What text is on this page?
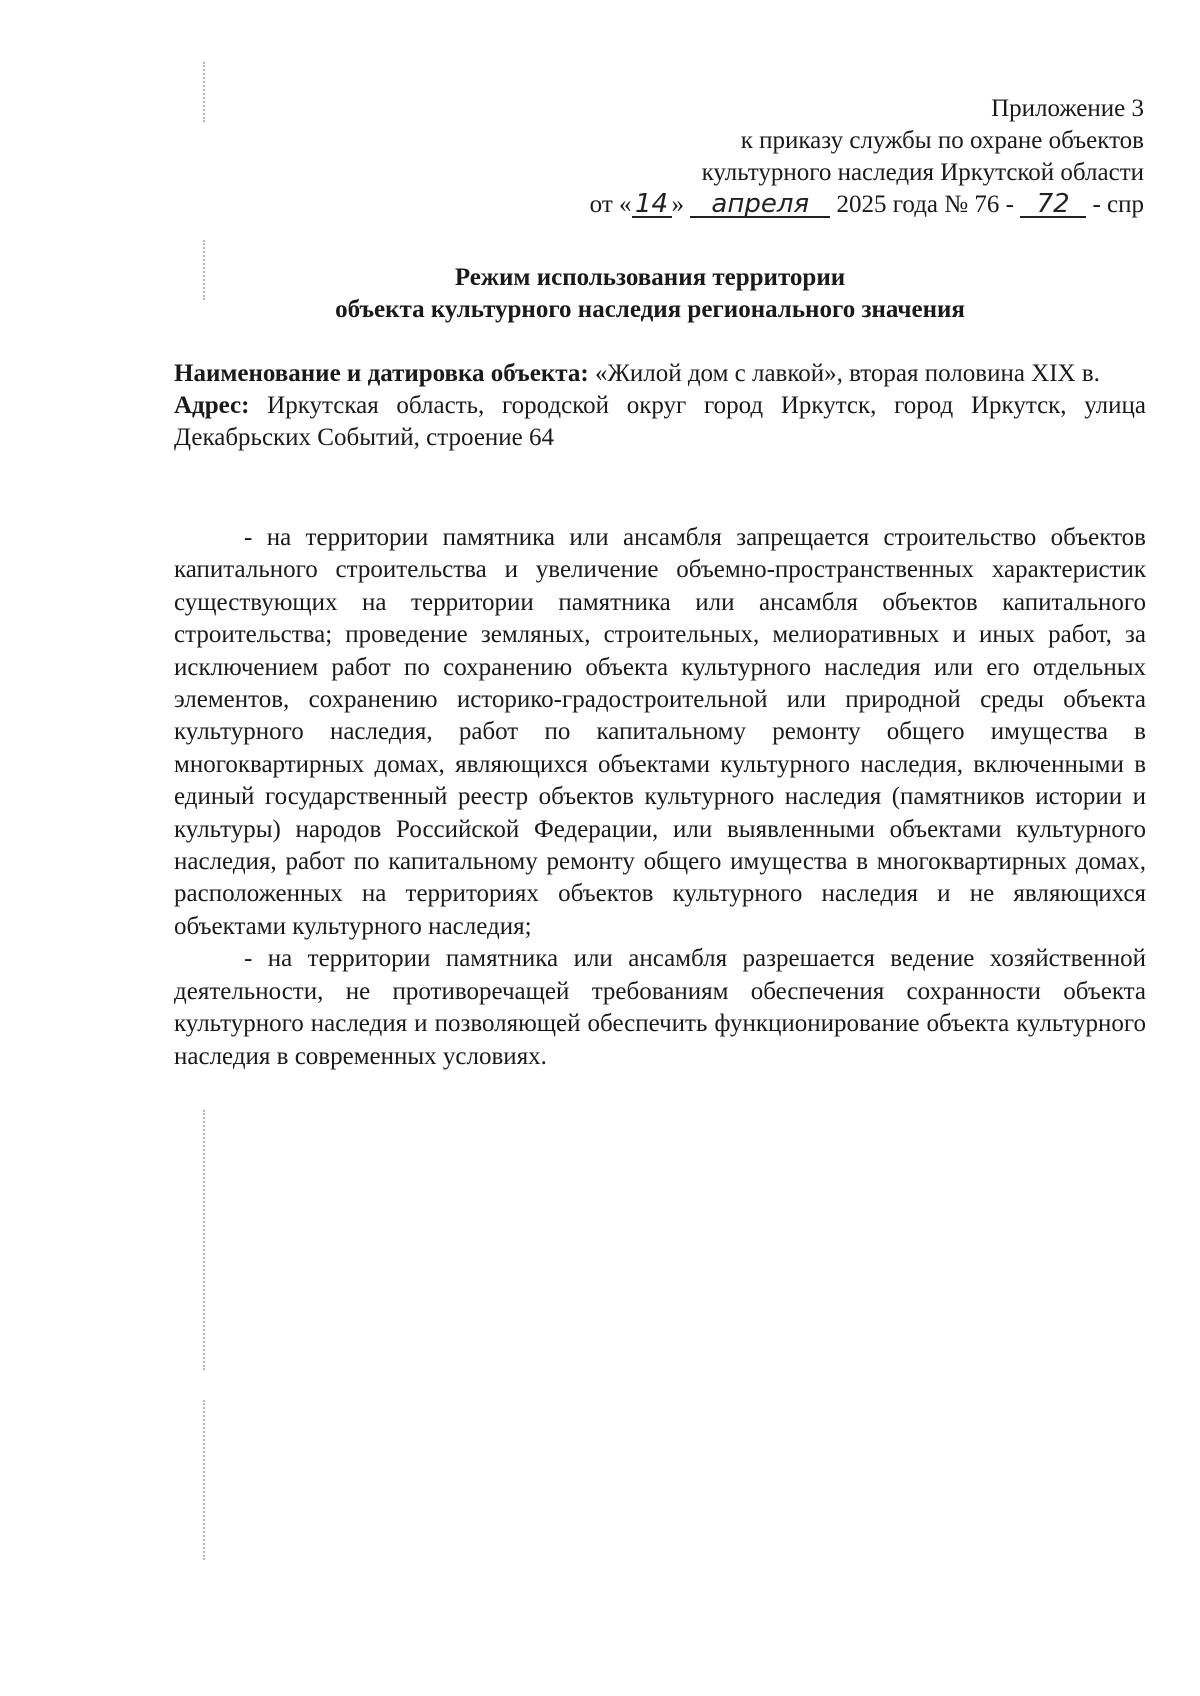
Приложение 3
к приказу службы по охране объектов
культурного наследия Иркутской области
от « 14 » апреля 2025 года № 76 - 72 - спр
Режим использования территории
объекта культурного наследия регионального значения

Наименование и датировка объекта: «Жилой дом с лавкой», вторая половина XIX в.

Адрес: Иркутская область, городской округ город Иркутск, город Иркутск, улица Декабрьских Событий, строение 64

- на территории памятника или ансамбля запрещается строительство объектов капитального строительства и увеличение объемно-пространственных характеристик существующих на территории памятника или ансамбля объектов капитального строительства; проведение земляных, строительных, мелиоративных и иных работ, за исключением работ по сохранению объекта культурного наследия или его отдельных элементов, сохранению историко-градостроительной или природной среды объекта культурного наследия, работ по капитальному ремонту общего имущества в многоквартирных домах, являющихся объектами культурного наследия, включенными в единый государственный реестр объектов культурного наследия (памятников истории и культуры) народов Российской Федерации, или выявленными объектами культурного наследия, работ по капитальному ремонту общего имущества в многоквартирных домах, расположенных на территориях объектов культурного наследия и не являющихся объектами культурного наследия;

- на территории памятника или ансамбля разрешается ведение хозяйственной деятельности, не противоречащей требованиям обеспечения сохранности объекта культурного наследия и позволяющей обеспечить функционирование объекта культурного наследия в современных условиях.
